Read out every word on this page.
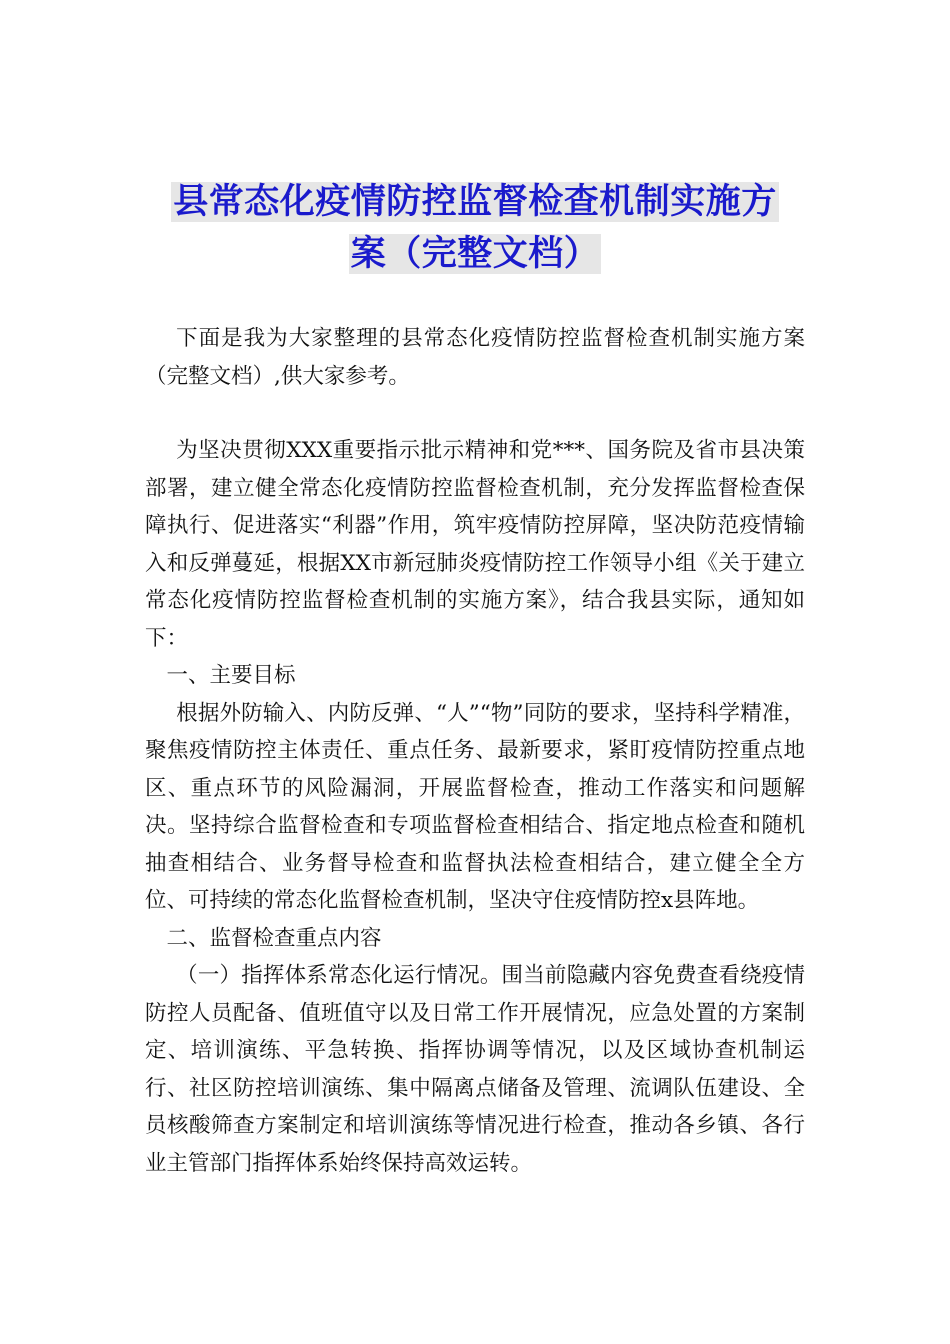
县常态化疫情防控监督检查机制实施方
案（完整文档）

下面是我为大家整理的县常态化疫情防控监督检查机制实施方案（完整文档）,供大家参考。

为坚决贯彻XXX重要指示批示精神和党***、国务院及省市县决策部署，建立健全常态化疫情防控监督检查机制，充分发挥监督检查保障执行、促进落实“利器”作用，筑牢疫情防控屏障，坚决防范疫情输入和反弹蔓延，根据XX市新冠肺炎疫情防控工作领导小组《关于建立常态化疫情防控监督检查机制的实施方案》，结合我县实际，通知如下：

一、主要目标

根据外防输入、内防反弹、“人”“物”同防的要求，坚持科学精准，聚焦疫情防控主体责任、重点任务、最新要求，紧盯疫情防控重点地区、重点环节的风险漏洞，开展监督检查，推动工作落实和问题解决。坚持综合监督检查和专项监督检查相结合、指定地点检查和随机抽查相结合、业务督导检查和监督执法检查相结合，建立健全全方位、可持续的常态化监督检查机制，坚决守住疫情防控x县阵地。

二、监督检查重点内容

（一）指挥体系常态化运行情况。围当前隐藏内容免费查看绕疫情防控人员配备、值班值守以及日常工作开展情况，应急处置的方案制定、培训演练、平急转换、指挥协调等情况，以及区域协查机制运行、社区防控培训演练、集中隔离点储备及管理、流调队伍建设、全员核酸筛查方案制定和培训演练等情况进行检查，推动各乡镇、各行业主管部门指挥体系始终保持高效运转。
